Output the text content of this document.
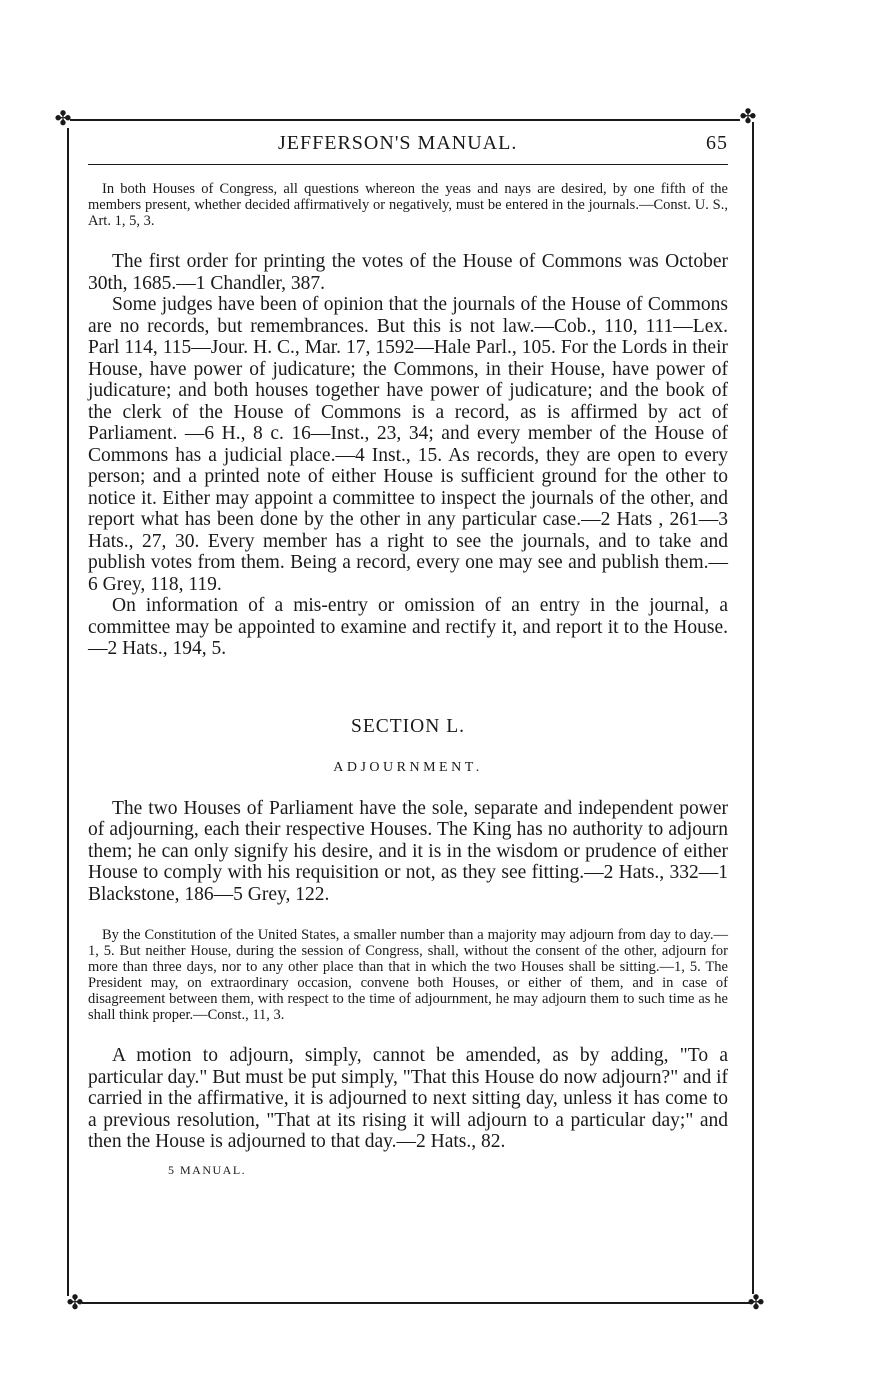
✤	✤
✤	✤
JEFFERSON'S MANUAL.	65

In both Houses of Congress, all questions whereon the yeas and nays are desired, by one fifth of the members present, whether decided affirmatively or negatively, must be entered in the journals.—Const. U. S., Art. 1, 5, 3.

The first order for printing the votes of the House of Commons was October 30th, 1685.—1 Chandler, 387.

Some judges have been of opinion that the journals of the House of Commons are no records, but remembrances. But this is not law.—Cob., 110, 111—Lex. Parl 114, 115—Jour. H. C., Mar. 17, 1592—Hale Parl., 105. For the Lords in their House, have power of judicature; the Commons, in their House, have power of judicature; and both houses together have power of judicature; and the book of the clerk of the House of Commons is a record, as is affirmed by act of Parliament. —6 H., 8 c. 16—Inst., 23, 34; and every member of the House of Commons has a judicial place.—4 Inst., 15. As records, they are open to every person; and a printed note of either House is sufficient ground for the other to notice it. Either may appoint a committee to inspect the journals of the other, and report what has been done by the other in any particular case.—2 Hats , 261—3 Hats., 27, 30. Every member has a right to see the journals, and to take and publish votes from them. Being a record, every one may see and publish them.—6 Grey, 118, 119.

On information of a mis-entry or omission of an entry in the journal, a committee may be appointed to examine and rectify it, and report it to the House.—2 Hats., 194, 5.

SECTION L.

ADJOURNMENT.

The two Houses of Parliament have the sole, separate and independent power of adjourning, each their respective Houses. The King has no authority to adjourn them; he can only signify his desire, and it is in the wisdom or prudence of either House to comply with his requisition or not, as they see fitting.—2 Hats., 332—1 Blackstone, 186—5 Grey, 122.

By the Constitution of the United States, a smaller number than a majority may adjourn from day to day.—1, 5. But neither House, during the session of Congress, shall, without the consent of the other, adjourn for more than three days, nor to any other place than that in which the two Houses shall be sitting.—1, 5. The President may, on extraordinary occasion, convene both Houses, or either of them, and in case of disagreement between them, with respect to the time of adjournment, he may adjourn them to such time as he shall think proper.—Const., 11, 3.

A motion to adjourn, simply, cannot be amended, as by adding, "To a particular day." But must be put simply, "That this House do now adjourn?" and if carried in the affirmative, it is adjourned to next sitting day, unless it has come to a previous resolution, "That at its rising it will adjourn to a particular day;" and then the House is adjourned to that day.—2 Hats., 82.

5 MANUAL.
